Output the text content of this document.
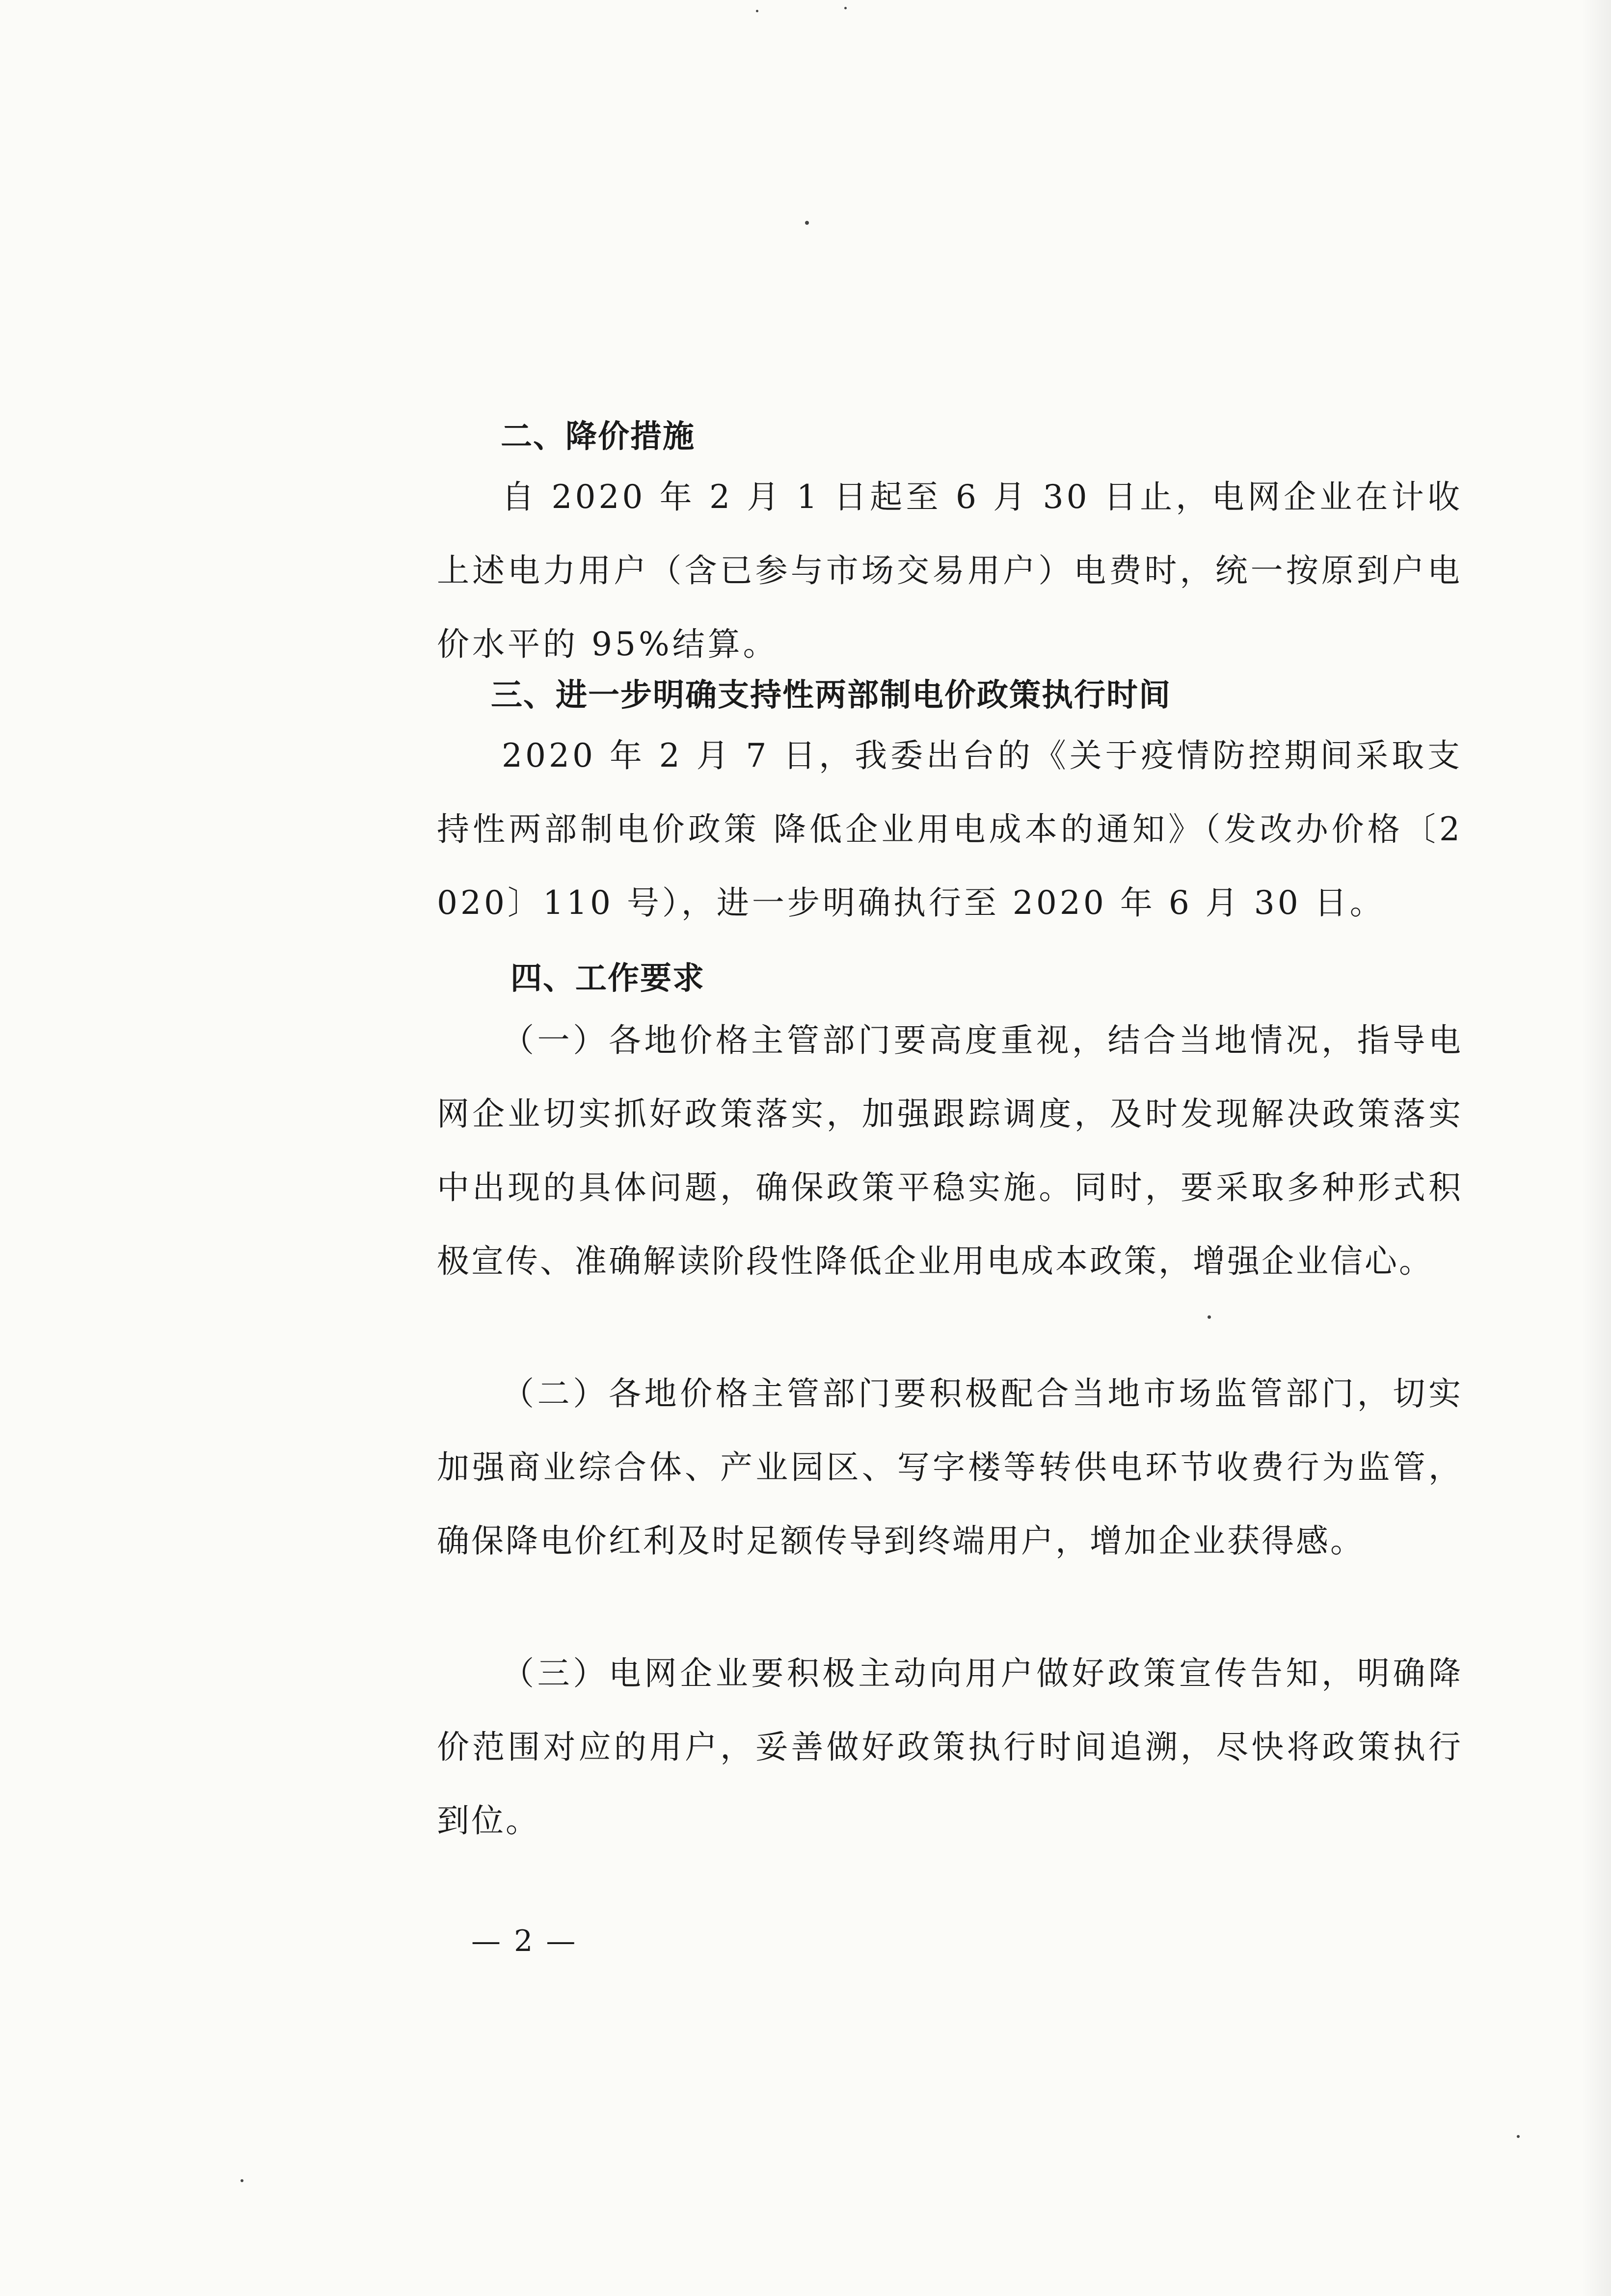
二、降价措施
自 2020 年 2 月 1 日起至 6 月 30 日止，电网企业在计收上述电力用户（含已参与市场交易用户）电费时，统一按原到户电价水平的 95%结算。
三、进一步明确支持性两部制电价政策执行时间
2020 年 2 月 7 日，我委出台的《关于疫情防控期间采取支持性两部制电价政策 降低企业用电成本的通知》（发改办价格〔2020〕110 号），进一步明确执行至 2020 年 6 月 30 日。
四、工作要求
（一）各地价格主管部门要高度重视，结合当地情况，指导电网企业切实抓好政策落实，加强跟踪调度，及时发现解决政策落实中出现的具体问题，确保政策平稳实施。同时，要采取多种形式积极宣传、准确解读阶段性降低企业用电成本政策，增强企业信心。
（二）各地价格主管部门要积极配合当地市场监管部门，切实加强商业综合体、产业园区、写字楼等转供电环节收费行为监管，确保降电价红利及时足额传导到终端用户，增加企业获得感。
（三）电网企业要积极主动向用户做好政策宣传告知，明确降价范围对应的用户，妥善做好政策执行时间追溯，尽快将政策执行到位。
— 2 —
